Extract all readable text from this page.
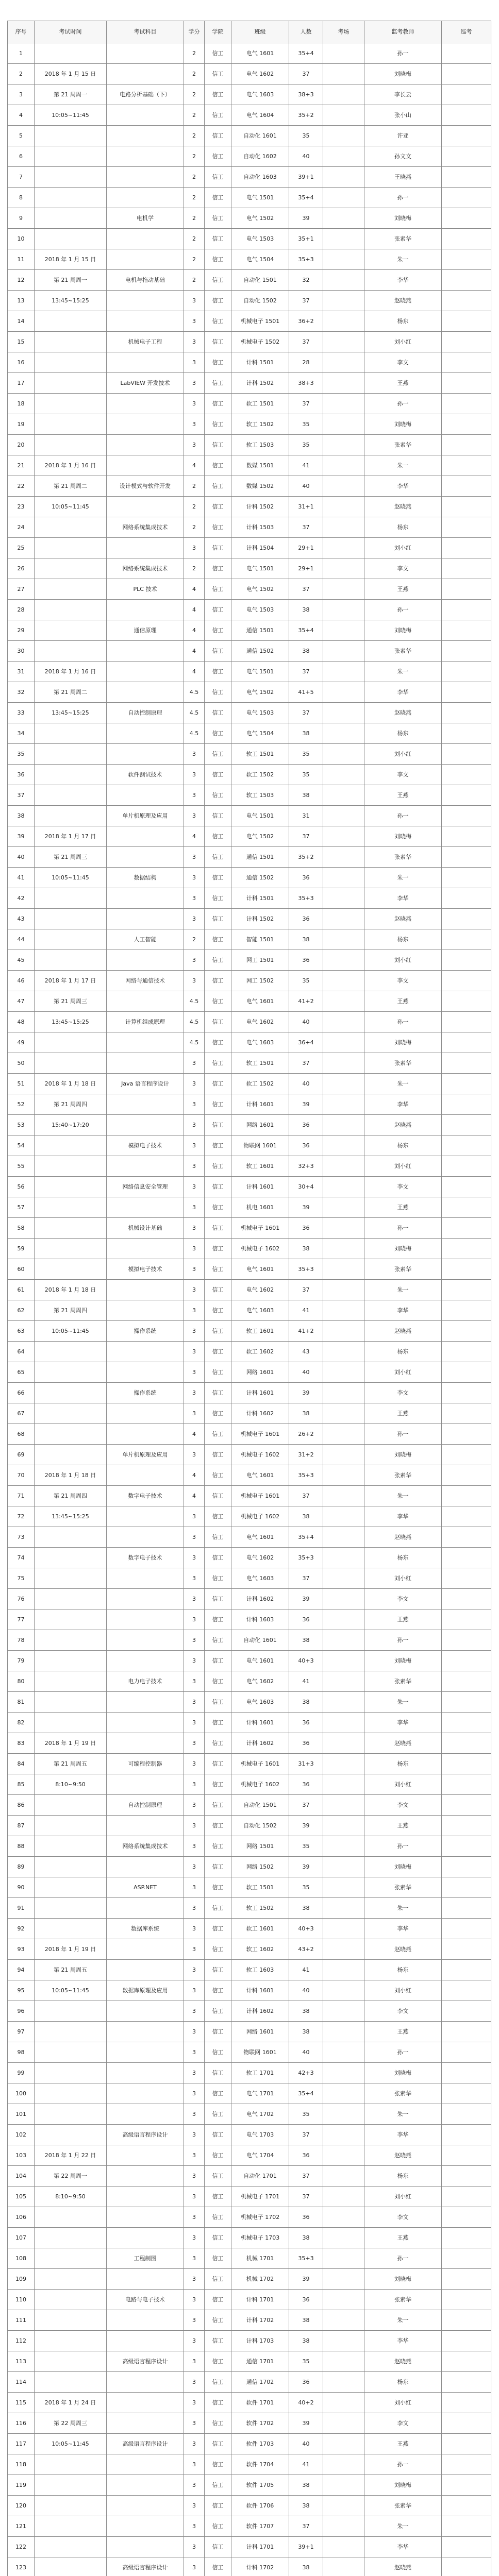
序号	考试时间	考试科目	学分	学院	班级	人数	考场	监考教师	巡考
1			2	信工	电气 1601	35+4		孙一	
2	2018 年 1 月 15 日		2	信工	电气 1602	37		刘晓梅	
3	第 21 周周一	电路分析基础（下）	2	信工	电气 1603	38+3		李长云	
4	10:05~11:45		2	信工	电气 1604	35+2		张小山	
5			2	信工	自动化 1601	35		许亚	
6			2	信工	自动化 1602	40		孙文文	
7			2	信工	自动化 1603	39+1		王晓燕	
8			2	信工	电气 1501	35+4		孙一	
9		电机学	2	信工	电气 1502	39		刘晓梅	
10			2	信工	电气 1503	35+1		张素华	
11	2018 年 1 月 15 日		2	信工	电气 1504	35+3		朱一	
12	第 21 周周一	电机与拖动基础	2	信工	自动化 1501	32		李华	
13	13:45~15:25		3	信工	自动化 1502	37		赵晓燕	
14			3	信工	机械电子 1501	36+2		杨东	
15		机械电子工程	3	信工	机械电子 1502	37		刘小红	
16			3	信工	计科 1501	28		李文	
17		LabVIEW 开发技术	3	信工	计科 1502	38+3		王燕	
18			3	信工	软工 1501	37		孙一	
19			3	信工	软工 1502	35		刘晓梅	
20			3	信工	软工 1503	35		张素华	
21	2018 年 1 月 16 日		4	信工	数媒 1501	41		朱一	
22	第 21 周周二	设计模式与软件开发	2	信工	数媒 1502	40		李华	
23	10:05~11:45		2	信工	计科 1502	31+1		赵晓燕	
24		网络系统集成技术	2	信工	计科 1503	37		杨东	
25			3	信工	计科 1504	29+1		刘小红	
26		网络系统集成技术	2	信工	电气 1501	29+1		李文	
27		PLC 技术	4	信工	电气 1502	37		王燕	
28			4	信工	电气 1503	38		孙一	
29		通信原理	4	信工	通信 1501	35+4		刘晓梅	
30			4	信工	通信 1502	38		张素华	
31	2018 年 1 月 16 日		4	信工	电气 1501	37		朱一	
32	第 21 周周二		4.5	信工	电气 1502	41+5		李华	
33	13:45~15:25	自动控制原理	4.5	信工	电气 1503	37		赵晓燕	
34			4.5	信工	电气 1504	38		杨东	
35			3	信工	软工 1501	35		刘小红	
36		软件测试技术	3	信工	软工 1502	35		李文	
37			3	信工	软工 1503	38		王燕	
38		单片机原理及应用	3	信工	电气 1501	31		孙一	
39	2018 年 1 月 17 日		4	信工	电气 1502	37		刘晓梅	
40	第 21 周周三		3	信工	通信 1501	35+2		张素华	
41	10:05~11:45	数据结构	3	信工	通信 1502	36		朱一	
42			3	信工	计科 1501	35+3		李华	
43			3	信工	计科 1502	36		赵晓燕	
44		人工智能	2	信工	智能 1501	38		杨东	
45			3	信工	网工 1501	36		刘小红	
46	2018 年 1 月 17 日	网络与通信技术	3	信工	网工 1502	35		李文	
47	第 21 周周三		4.5	信工	电气 1601	41+2		王燕	
48	13:45~15:25	计算机组成原理	4.5	信工	电气 1602	40		孙一	
49			4.5	信工	电气 1603	36+4		刘晓梅	
50			3	信工	软工 1501	37		张素华	
51	2018 年 1 月 18 日	Java 语言程序设计	3	信工	软工 1502	40		朱一	
52	第 21 周周四		3	信工	计科 1601	39		李华	
53	15:40~17:20		3	信工	网络 1601	36		赵晓燕	
54		模拟电子技术	3	信工	物联网 1601	36		杨东	
55			3	信工	软工 1601	32+3		刘小红	
56		网络信息安全管理	3	信工	计科 1601	30+4		李文	
57			3	信工	机电 1601	39		王燕	
58		机械设计基础	3	信工	机械电子 1601	36		孙一	
59			3	信工	机械电子 1602	38		刘晓梅	
60		模拟电子技术	3	信工	电气 1601	35+3		张素华	
61	2018 年 1 月 18 日		3	信工	电气 1602	37		朱一	
62	第 21 周周四		3	信工	电气 1603	41		李华	
63	10:05~11:45	操作系统	3	信工	软工 1601	41+2		赵晓燕	
64			3	信工	软工 1602	43		杨东	
65			3	信工	网络 1601	40		刘小红	
66		操作系统	3	信工	计科 1601	39		李文	
67			3	信工	计科 1602	38		王燕	
68			4	信工	机械电子 1601	26+2		孙一	
69		单片机原理及应用	3	信工	机械电子 1602	31+2		刘晓梅	
70	2018 年 1 月 18 日		4	信工	电气 1601	35+3		张素华	
71	第 21 周周四	数字电子技术	4	信工	机械电子 1601	37		朱一	
72	13:45~15:25		3	信工	机械电子 1602	38		李华	
73			3	信工	电气 1601	35+4		赵晓燕	
74		数字电子技术	3	信工	电气 1602	35+3		杨东	
75			3	信工	电气 1603	37		刘小红	
76			3	信工	计科 1602	39		李文	
77			3	信工	计科 1603	36		王燕	
78			3	信工	自动化 1601	38		孙一	
79			3	信工	电气 1601	40+3		刘晓梅	
80		电力电子技术	3	信工	电气 1602	41		张素华	
81			3	信工	电气 1603	38		朱一	
82			3	信工	计科 1601	36		李华	
83	2018 年 1 月 19 日		3	信工	计科 1602	36		赵晓燕	
84	第 21 周周五	可编程控制器	3	信工	机械电子 1601	31+3		杨东	
85	8:10~9:50		3	信工	机械电子 1602	36		刘小红	
86		自动控制原理	3	信工	自动化 1501	37		李文	
87			3	信工	自动化 1502	39		王燕	
88		网络系统集成技术	3	信工	网络 1501	35		孙一	
89			3	信工	网络 1502	39		刘晓梅	
90		ASP.NET	3	信工	软工 1501	35		张素华	
91			3	信工	软工 1502	38		朱一	
92		数据库系统	3	信工	软工 1601	40+3		李华	
93	2018 年 1 月 19 日		3	信工	软工 1602	43+2		赵晓燕	
94	第 21 周周五		3	信工	软工 1603	41		杨东	
95	10:05~11:45	数据库原理及应用	3	信工	计科 1601	40		刘小红	
96			3	信工	计科 1602	38		李文	
97			3	信工	网络 1601	38		王燕	
98			3	信工	物联网 1601	40		孙一	
99			3	信工	软工 1701	42+3		刘晓梅	
100			3	信工	电气 1701	35+4		张素华	
101			3	信工	电气 1702	35		朱一	
102		高级语言程序设计	3	信工	电气 1703	37		李华	
103	2018 年 1 月 22 日		3	信工	电气 1704	36		赵晓燕	
104	第 22 周周一		3	信工	自动化 1701	37		杨东	
105	8:10~9:50		3	信工	机械电子 1701	37		刘小红	
106			3	信工	机械电子 1702	36		李文	
107			3	信工	机械电子 1703	38		王燕	
108		工程制图	3	信工	机械 1701	35+3		孙一	
109			3	信工	机械 1702	39		刘晓梅	
110		电路与电子技术	3	信工	计科 1701	36		张素华	
111			3	信工	计科 1702	38		朱一	
112			3	信工	计科 1703	38		李华	
113		高级语言程序设计	3	信工	通信 1701	35		赵晓燕	
114			3	信工	通信 1702	36		杨东	
115	2018 年 1 月 24 日		3	信工	软件 1701	40+2		刘小红	
116	第 22 周周三		3	信工	软件 1702	39		李文	
117	10:05~11:45	高级语言程序设计	3	信工	软件 1703	40		王燕	
118			3	信工	软件 1704	41		孙一	
119			3	信工	软件 1705	38		刘晓梅	
120			3	信工	软件 1706	38		张素华	
121			3	信工	软件 1707	37		朱一	
122			3	信工	计科 1701	39+1		李华	
123		高级语言程序设计	3	信工	计科 1702	38		赵晓燕	
